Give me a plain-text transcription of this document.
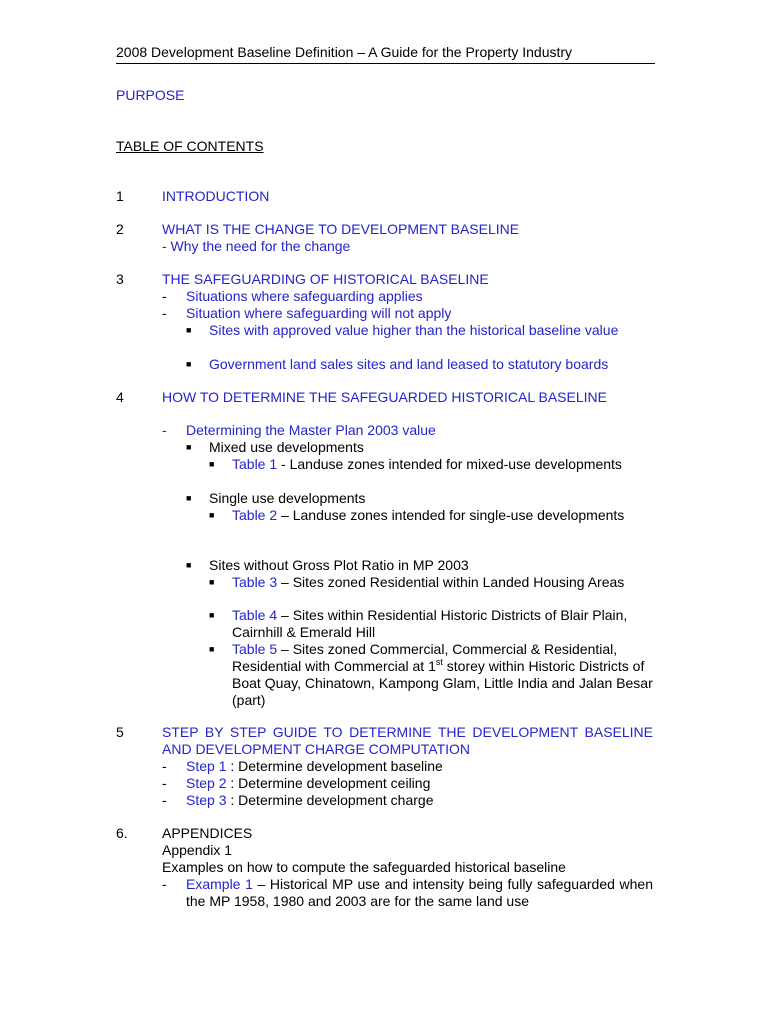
2008 Development Baseline Definition – A Guide for the Property Industry
PURPOSE
TABLE OF CONTENTS
1	INTRODUCTION
2	WHAT IS THE CHANGE TO DEVELOPMENT BASELINE
- Why the need for the change
3	THE SAFEGUARDING OF HISTORICAL BASELINE
-	Situations where safeguarding applies
-	Situation where safeguarding will not apply
■	Sites with approved value higher than the historical baseline value
■	Government land sales sites and land leased to statutory boards
4	HOW TO DETERMINE THE SAFEGUARDED HISTORICAL BASELINE
-	Determining the Master Plan 2003 value
■	Mixed use developments
■	Table 1 - Landuse zones intended for mixed-use developments
■	Single use developments
■	Table 2 – Landuse zones intended for single-use developments
■	Sites without Gross Plot Ratio in MP 2003
■	Table 3 – Sites zoned Residential within Landed Housing Areas
■	Table 4 – Sites within Residential Historic Districts of Blair Plain, Cairnhill & Emerald Hill
■	Table 5 – Sites zoned Commercial, Commercial & Residential, Residential with Commercial at 1st storey within Historic Districts of Boat Quay, Chinatown, Kampong Glam, Little India and Jalan Besar (part)
5	STEP BY STEP GUIDE TO DETERMINE THE DEVELOPMENT BASELINE AND DEVELOPMENT CHARGE COMPUTATION
-	Step 1 : Determine development baseline
-	Step 2 : Determine development ceiling
-	Step 3 : Determine development charge
6.	APPENDICES
Appendix 1
Examples on how to compute the safeguarded historical baseline
-	Example 1 – Historical MP use and intensity being fully safeguarded when the MP 1958, 1980 and 2003 are for the same land use
